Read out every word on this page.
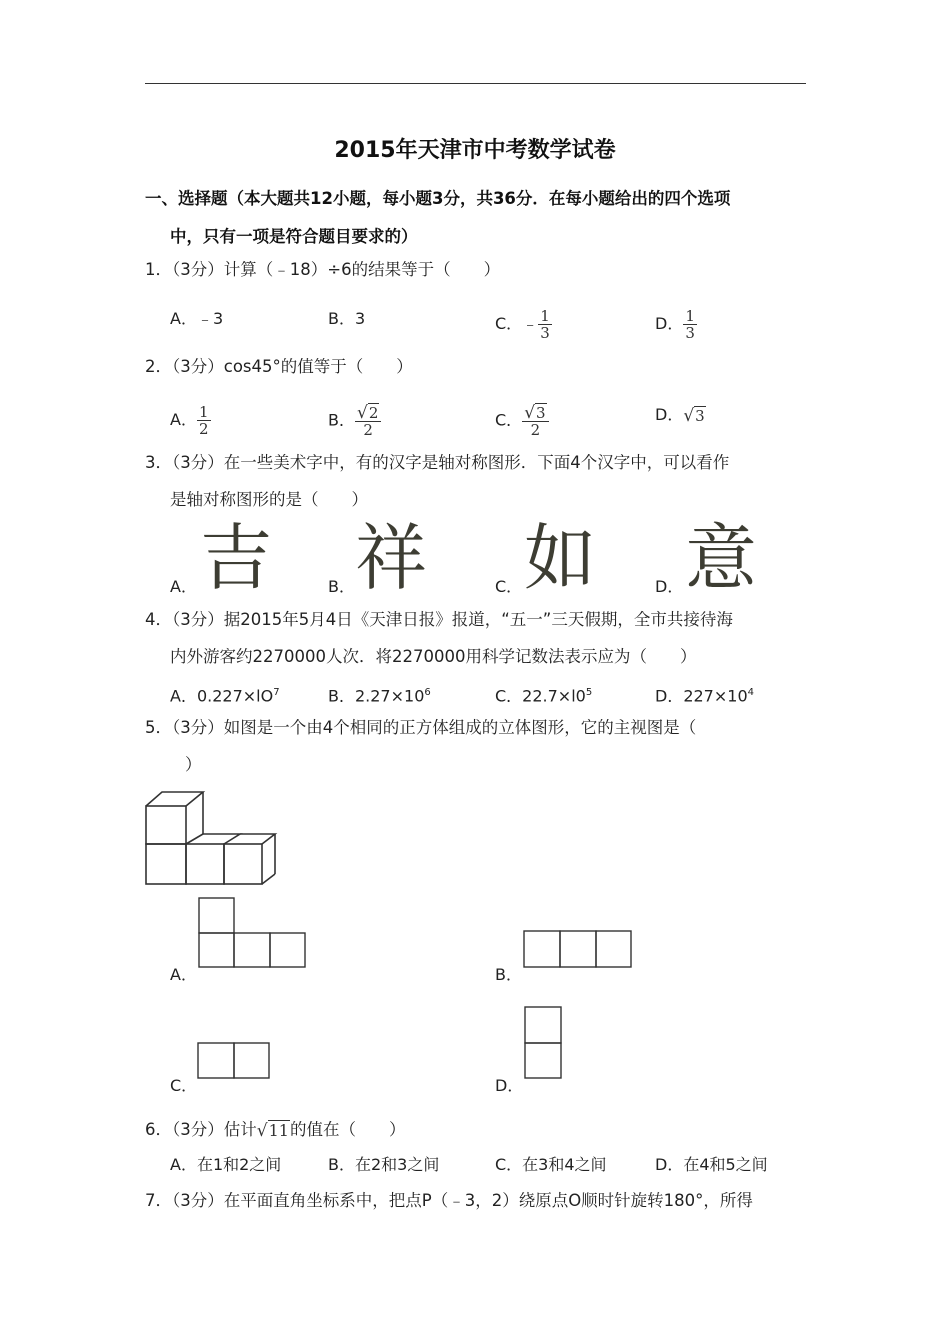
2015年天津市中考数学试卷
一、选择题（本大题共12小题，每小题3分，共36分．在每小题给出的四个选项
中，只有一项是符合题目要求的）
1．（3分）计算（﹣18）÷6的结果等于（　　）
A．﹣3	B．3	C．﹣ $\frac{1}{3}$	D． $\frac{1}{3}$
2．（3分）cos45°的值等于（　　）
A． $\frac{1}{2}$	B． $\frac{√2}{2}$	C． $\frac{√3}{2}$	D．√3
3．（3分）在一些美术字中，有的汉字是轴对称图形．下面4个汉字中，可以看作
是轴对称图形的是（　　）
A． 吉	B． 祥	C． 如	D． 意
4．（3分）据2015年5月4日《天津日报》报道，“五一”三天假期，全市共接待海
内外游客约2270000人次．将2270000用科学记数法表示应为（　　）
A．$0.227\times lO^7$	B．$2.27\times 10^6$	C．$22.7\times l0^5$	D．$227\times 10^4$
5．（3分）如图是一个由4个相同的正方体组成的立体图形，它的主视图是（
）
A．	B．
C．	D．
6．（3分）估计√11的值在（　　）
A．在1和2之间	B．在2和3之间	C．在3和4之间	D．在4和5之间
7．（3分）在平面直角坐标系中，把点P（﹣3，2）绕原点O顺时针旋转180°，所得
